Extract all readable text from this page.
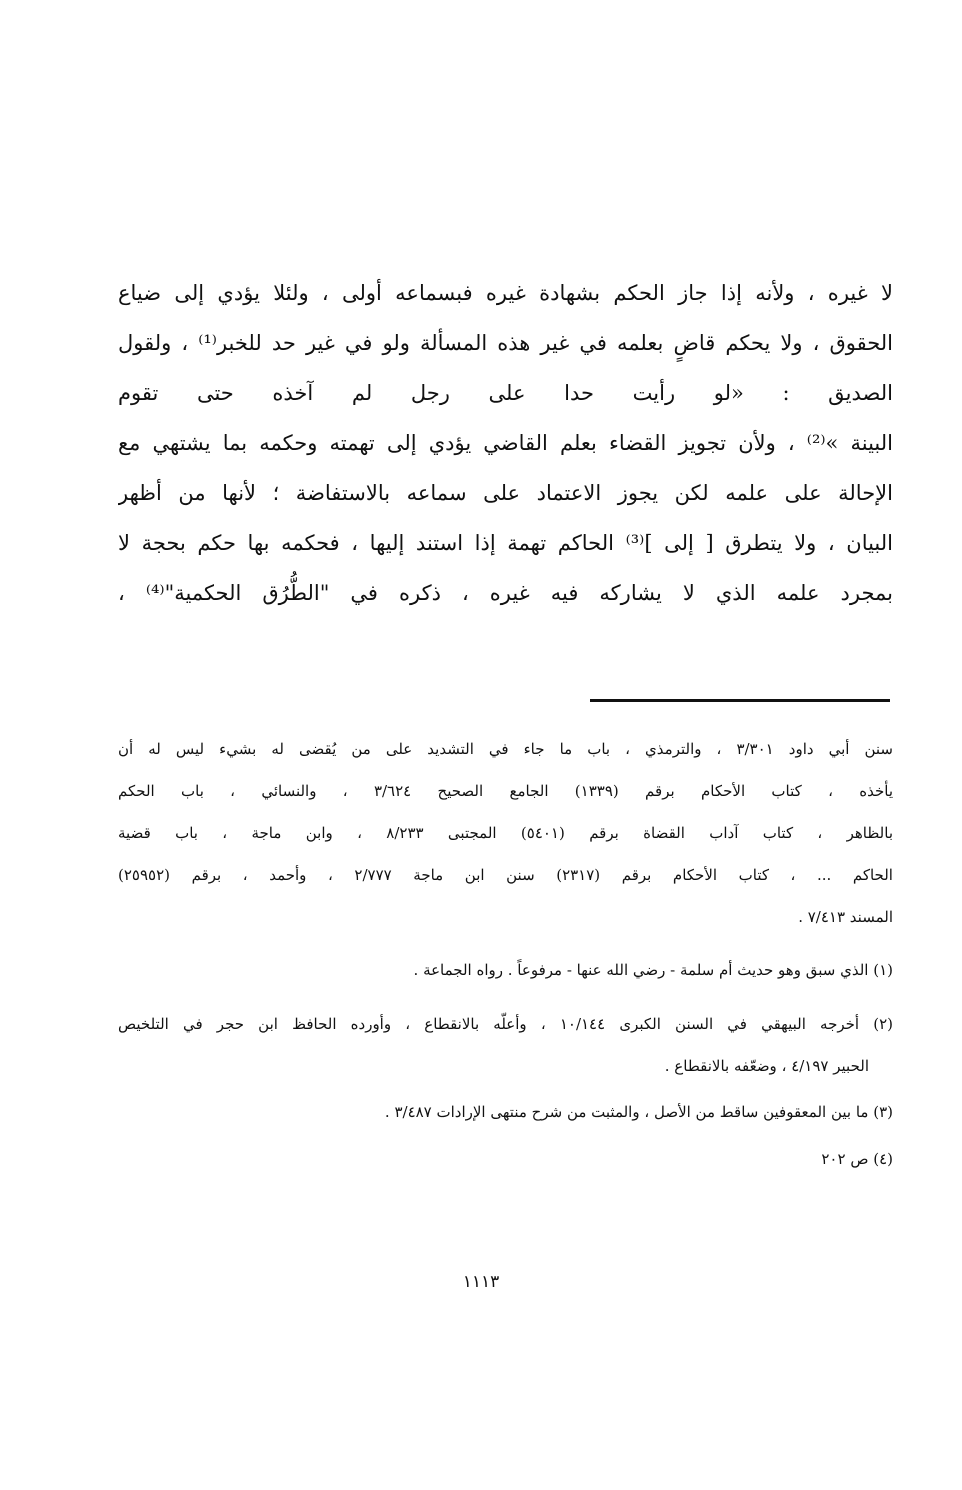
لا غيره ، ولأنه إذا جاز الحكم بشهادة غيره فبسماعه أولى ، ولئلا يؤدي إلى ضياع
الحقوق ، ولا يحكم قاضٍ بعلمه في غير هذه المسألة ولو في غير حد للخبر⁽¹⁾ ، ولقول
الصديق : «لو رأيت حدا على رجل لم آخذه حتى تقوم
البينة »⁽²⁾ ، ولأن تجويز القضاء بعلم القاضي يؤدي إلى تهمته وحكمه بما يشتهي مع
الإحالة على علمه لكن يجوز الاعتماد على سماعه بالاستفاضة ؛ لأنها من أظهر
البيان ، ولا يتطرق [ إلى ]⁽³⁾ الحاكم تهمة إذا استند إليها ، فحكمه بها حكم بحجة لا
بمجرد علمه الذي لا يشاركه فيه غيره ، ذكره في "الطُّرُق الحكمية"⁽⁴⁾ ،
سنن أبي داود ٣/٣٠١ ، والترمذي ، باب ما جاء في التشديد على من يُقضى له بشيء ليس له أن
يأخذه ، كتاب الأحكام برقم (١٣٣٩) الجامع الصحيح ٣/٦٢٤ ، والنسائي ، باب الحكم
بالظاهر ، كتاب آداب القضاة برقم (٥٤٠١) المجتبى ٨/٢٣٣ ، وابن ماجة ، باب قضية
الحاكم ... ، كتاب الأحكام برقم (٢٣١٧) سنن ابن ماجة ٢/٧٧٧ ، وأحمد ، برقم (٢٥٩٥٢)
المسند ٧/٤١٣ .
(١) الذي سبق وهو حديث أم سلمة - رضي الله عنها - مرفوعاً . رواه الجماعة .
(٢) أخرجه البيهقي في السنن الكبرى ١٠/١٤٤ ، وأعلّه بالانقطاع ، وأورده الحافظ ابن حجر في التلخيص
الحبير ٤/١٩٧ ، وضعّفه بالانقطاع .
(٣) ما بين المعقوفين ساقط من الأصل ، والمثبت من شرح منتهى الإرادات ٣/٤٨٧ .
(٤) ص ٢٠٢
١١١٣
